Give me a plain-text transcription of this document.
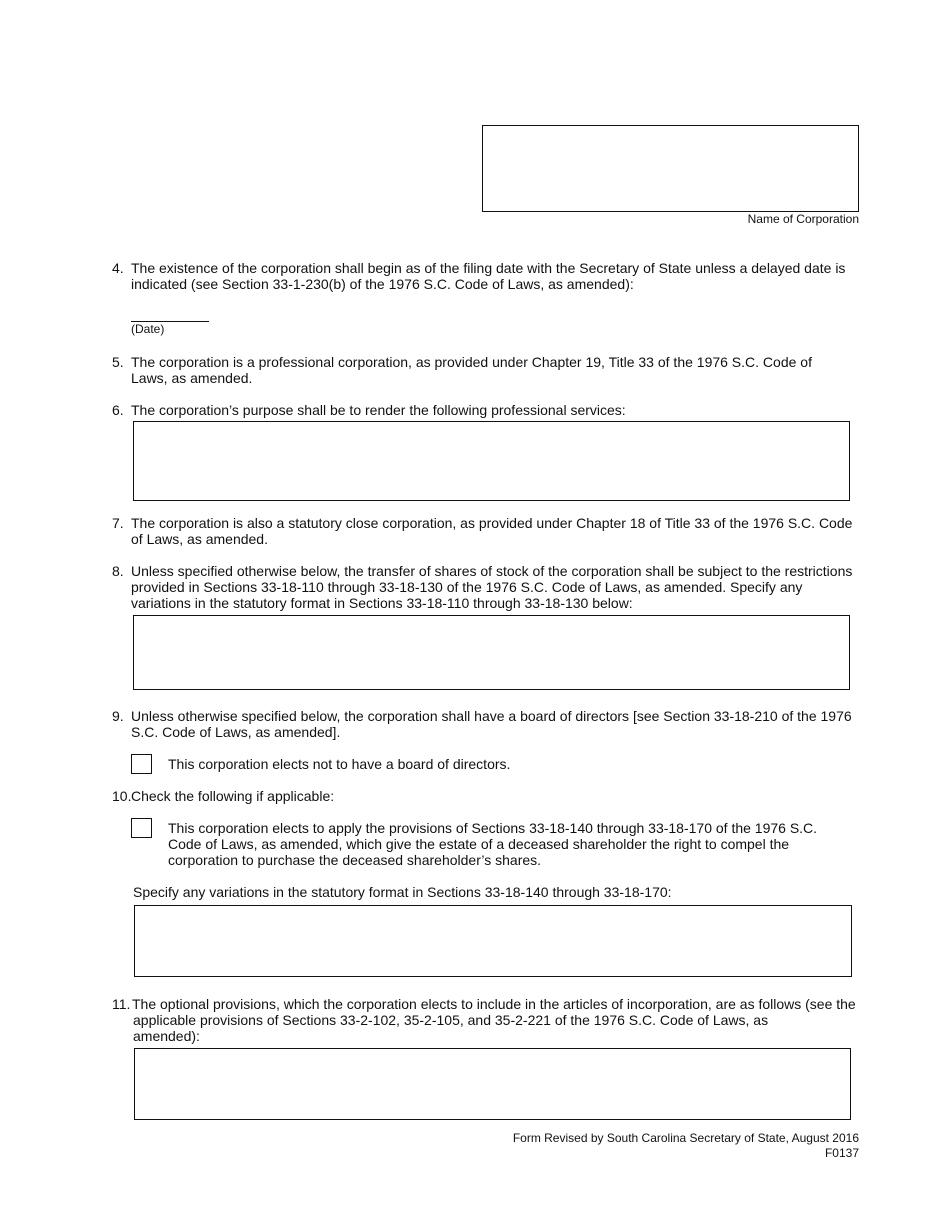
Name of Corporation
4. The existence of the corporation shall begin as of the filing date with the Secretary of State unless a delayed date is
indicated (see Section 33-1-230(b) of the 1976 S.C. Code of Laws, as amended):
(Date)
5. The corporation is a professional corporation, as provided under Chapter 19, Title 33 of the 1976 S.C. Code of
Laws, as amended.
6. The corporation’s purpose shall be to render the following professional services:
7. The corporation is also a statutory close corporation, as provided under Chapter 18 of Title 33 of the 1976 S.C. Code
of Laws, as amended.
8. Unless specified otherwise below, the transfer of shares of stock of the corporation shall be subject to the restrictions
provided in Sections 33-18-110 through 33-18-130 of the 1976 S.C. Code of Laws, as amended. Specify any
variations in the statutory format in Sections 33-18-110 through 33-18-130 below:
9. Unless otherwise specified below, the corporation shall have a board of directors [see Section 33-18-210 of the 1976
S.C. Code of Laws, as amended].
This corporation elects not to have a board of directors.
10. Check the following if applicable:
This corporation elects to apply the provisions of Sections 33-18-140 through 33-18-170 of the 1976 S.C.
Code of Laws, as amended, which give the estate of a deceased shareholder the right to compel the
corporation to purchase the deceased shareholder’s shares.
Specify any variations in the statutory format in Sections 33-18-140 through 33-18-170:
11. The optional provisions, which the corporation elects to include in the articles of incorporation, are as follows (see the
applicable provisions of Sections 33-2-102, 35-2-105, and 35-2-221 of the 1976 S.C. Code of Laws, as
amended):
Form Revised by South Carolina Secretary of State, August 2016
F0137
